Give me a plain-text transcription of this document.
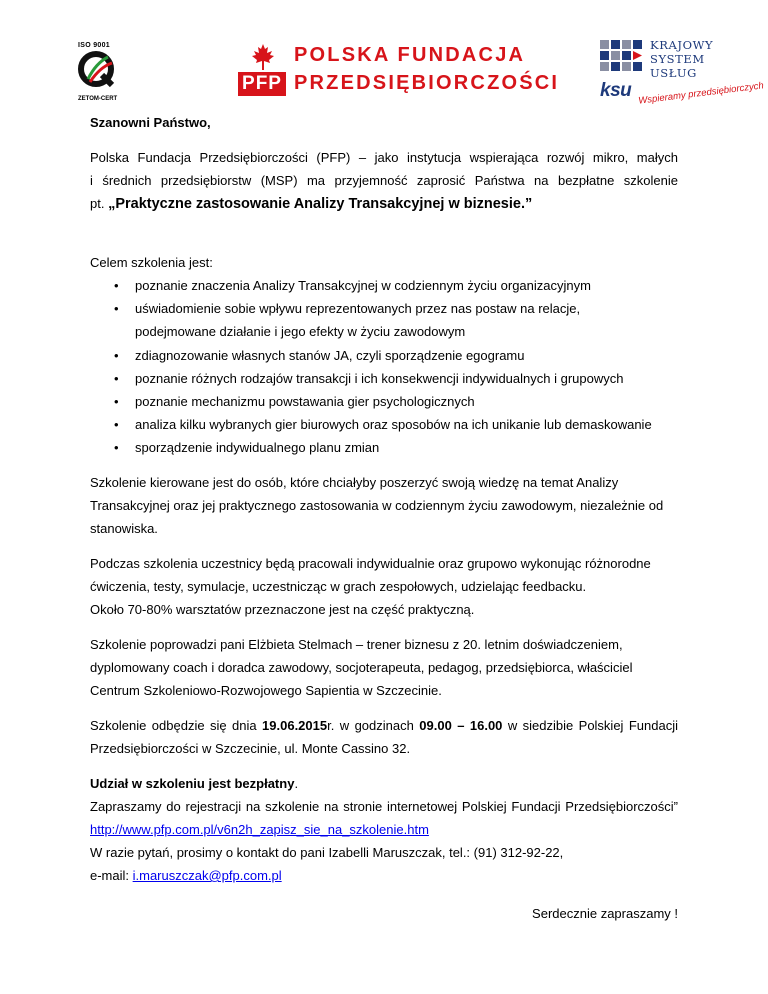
ISO 9001
ZETOM-CERT
PFP
POLSKA FUNDACJA
PRZEDSIĘBIORCZOŚCI ksu
KRAJOWY
SYSTEM
USŁUG
Wspieramy przedsiębiorczych

Szanowni Państwo,

Polska Fundacja Przedsiębiorczości (PFP) – jako instytucja wspierająca rozwój mikro, małych

i średnich przedsiębiorstw (MSP) ma przyjemność zaprosić Państwa na bezpłatne szkolenie

pt. „Praktyczne zastosowanie Analizy Transakcyjnej w biznesie.”

Celem szkolenia jest:

• poznanie znaczenia Analizy Transakcyjnej w codziennym życiu organizacyjnym
• uświadomienie sobie wpływu reprezentowanych przez nas postaw na relacje, podejmowane działanie i jego efekty w życiu zawodowym
• zdiagnozowanie własnych stanów JA, czyli sporządzenie egogramu
• poznanie różnych rodzajów transakcji i ich konsekwencji indywidualnych i grupowych
• poznanie mechanizmu powstawania gier psychologicznych
• analiza kilku wybranych gier biurowych oraz sposobów na ich unikanie lub demaskowanie
• sporządzenie indywidualnego planu zmian

Szkolenie kierowane jest do osób, które chciałyby poszerzyć swoją wiedzę na temat Analizy

Transakcyjnej oraz jej praktycznego zastosowania w codziennym życiu zawodowym, niezależnie od

stanowiska.

Podczas szkolenia uczestnicy będą pracowali indywidualnie oraz grupowo wykonując różnorodne

ćwiczenia, testy, symulacje, uczestnicząc w grach zespołowych, udzielając feedbacku.

Około 70-80% warsztatów przeznaczone jest na część praktyczną.

Szkolenie poprowadzi pani Elżbieta Stelmach – trener biznesu z 20. letnim doświadczeniem,

dyplomowany coach i doradca zawodowy, socjoterapeuta, pedagog, przedsiębiorca, właściciel

Centrum Szkoleniowo-Rozwojowego Sapientia w Szczecinie.

Szkolenie odbędzie się dnia 19.06.2015r. w godzinach 09.00 – 16.00 w siedzibie Polskiej Fundacji

Przedsiębiorczości w Szczecinie, ul. Monte Cassino 32.

Udział w szkoleniu jest bezpłatny.

Zapraszamy do rejestracji na szkolenie na stronie internetowej Polskiej Fundacji Przedsiębiorczości”

http://www.pfp.com.pl/v6n2h_zapisz_sie_na_szkolenie.htm

W razie pytań, prosimy o kontakt do pani Izabelli Maruszczak, tel.: (91) 312-92-22,

e-mail: i.maruszczak@pfp.com.pl

Serdecznie zapraszamy !
